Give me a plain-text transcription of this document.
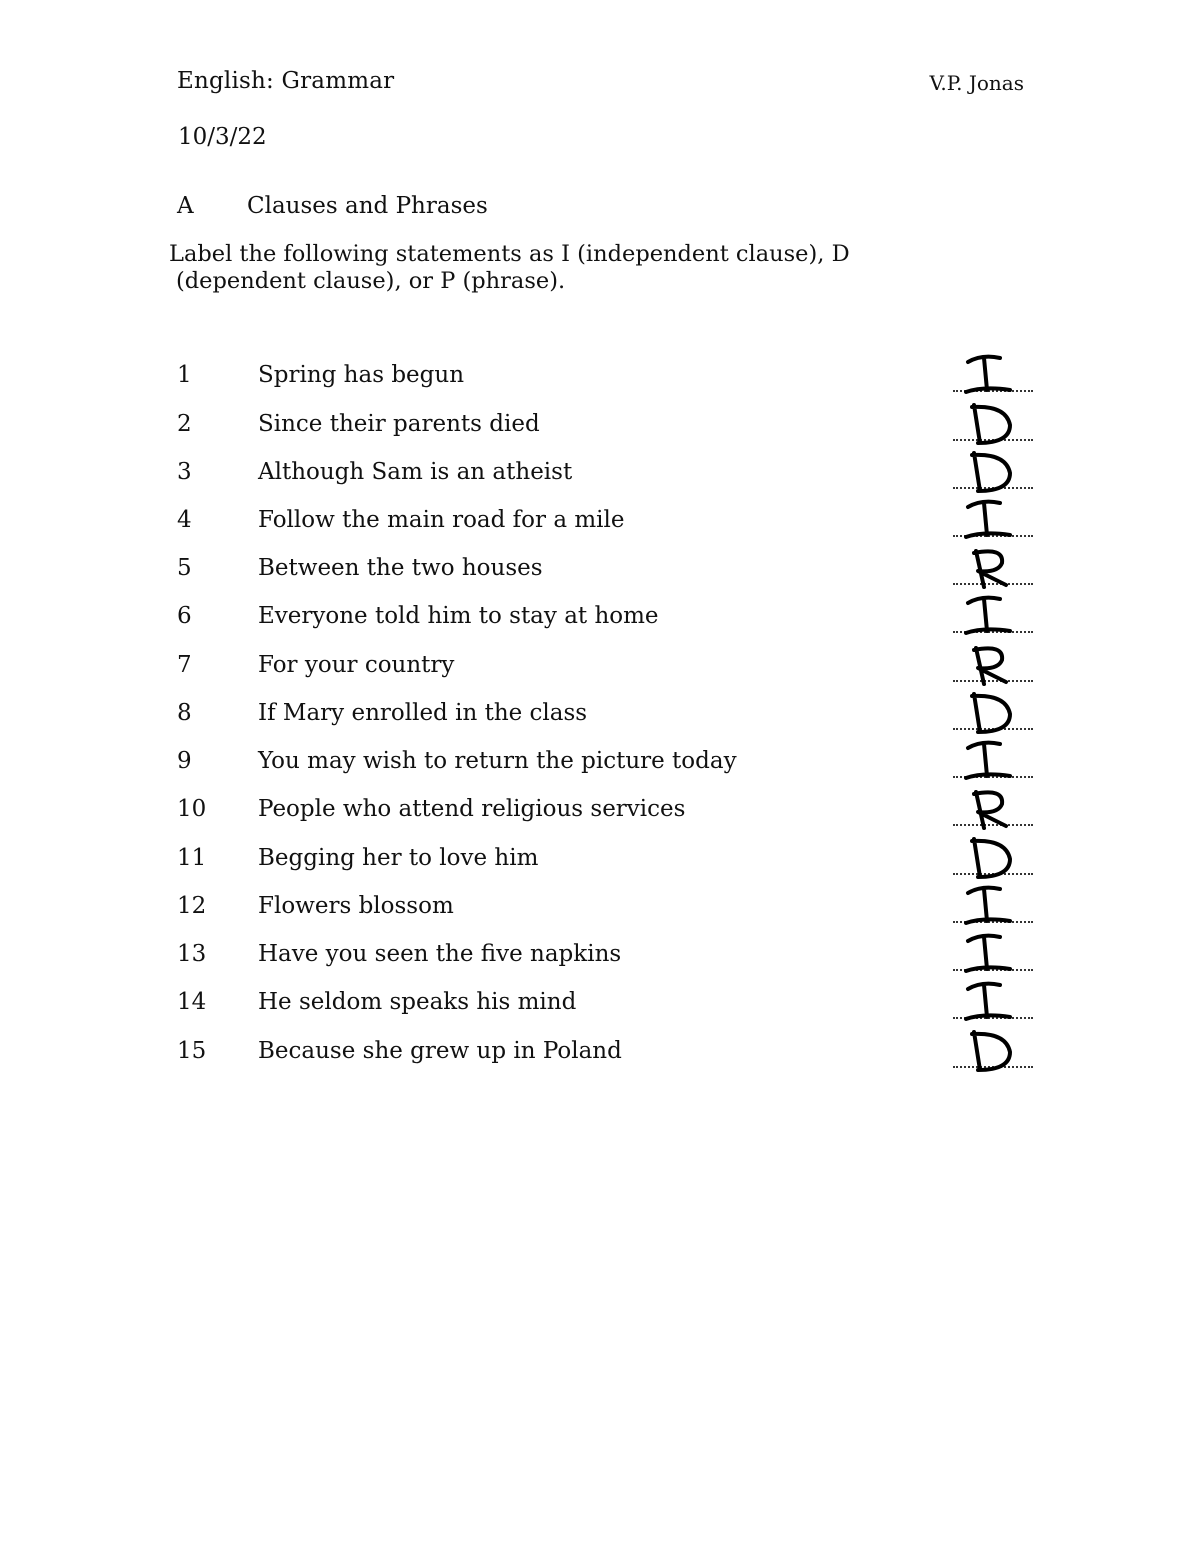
English: Grammar	V.P. Jonas
10/3/22
A Clauses and Phrases
Label the following statements as I (independent clause), D
(dependent clause), or P (phrase).
1	Spring has begun
2	Since their parents died
3	Although Sam is an atheist
4	Follow the main road for a mile
5	Between the two houses
6	Everyone told him to stay at home
7	For your country
8	If Mary enrolled in the class
9	You may wish to return the picture today
10 People who attend religious services
11 Begging her to love him
12 Flowers blossom
13 Have you seen the five napkins
14 He seldom speaks his mind
15 Because she grew up in Poland
